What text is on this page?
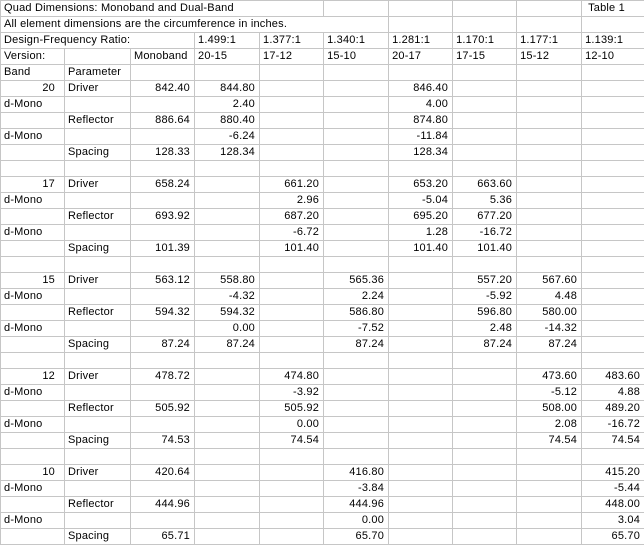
Quad Dimensions: Monoband and Dual-Band									Table 1
All element dimensions are the circumference in inches.									
Design-Frequency Ratio:			1.499:1	1.377:1	1.340:1	1.281:1	1.170:1	1.177:1	1.139:1
Version:		Monoband	20-15	17-12	15-10	20-17	17-15	15-12	12-10
Band	Parameter								
20	Driver	842.40	844.80			846.40			
d-Mono			2.40			4.00			
	Reflector	886.64	880.40			874.80			
d-Mono			-6.24			-11.84			
	Spacing	128.33	128.34			128.34			

17	Driver	658.24		661.20		653.20	663.60		
d-Mono				2.96		-5.04	5.36		
	Reflector	693.92		687.20		695.20	677.20		
d-Mono				-6.72		1.28	-16.72		
	Spacing	101.39		101.40		101.40	101.40		

15	Driver	563.12	558.80		565.36		557.20	567.60	
d-Mono			-4.32		2.24		-5.92	4.48	
	Reflector	594.32	594.32		586.80		596.80	580.00	
d-Mono			0.00		-7.52		2.48	-14.32	
	Spacing	87.24	87.24		87.24		87.24	87.24	

12	Driver	478.72		474.80				473.60	483.60
d-Mono				-3.92				-5.12	4.88
	Reflector	505.92		505.92				508.00	489.20
d-Mono				0.00				2.08	-16.72
	Spacing	74.53		74.54				74.54	74.54

10	Driver	420.64			416.80				415.20
d-Mono					-3.84				-5.44
	Reflector	444.96			444.96				448.00
d-Mono					0.00				3.04
	Spacing	65.71			65.70				65.70
